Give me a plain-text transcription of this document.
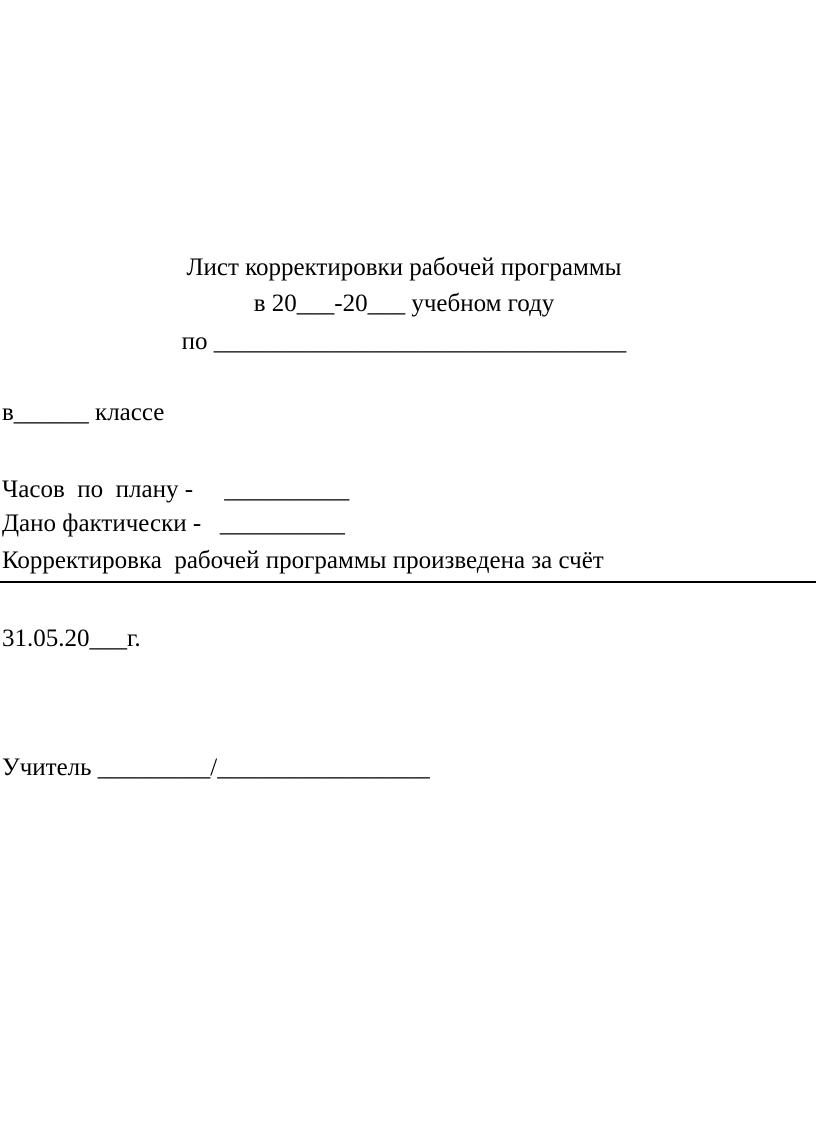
Лист корректировки рабочей программы
в 20___-20___ учебном году
по _________________________________
в______ классе
Часов  по  плану -     __________
Дано фактически -   __________
Корректировка  рабочей программы произведена за счёт
31.05.20___г.
Учитель _________/_________________
